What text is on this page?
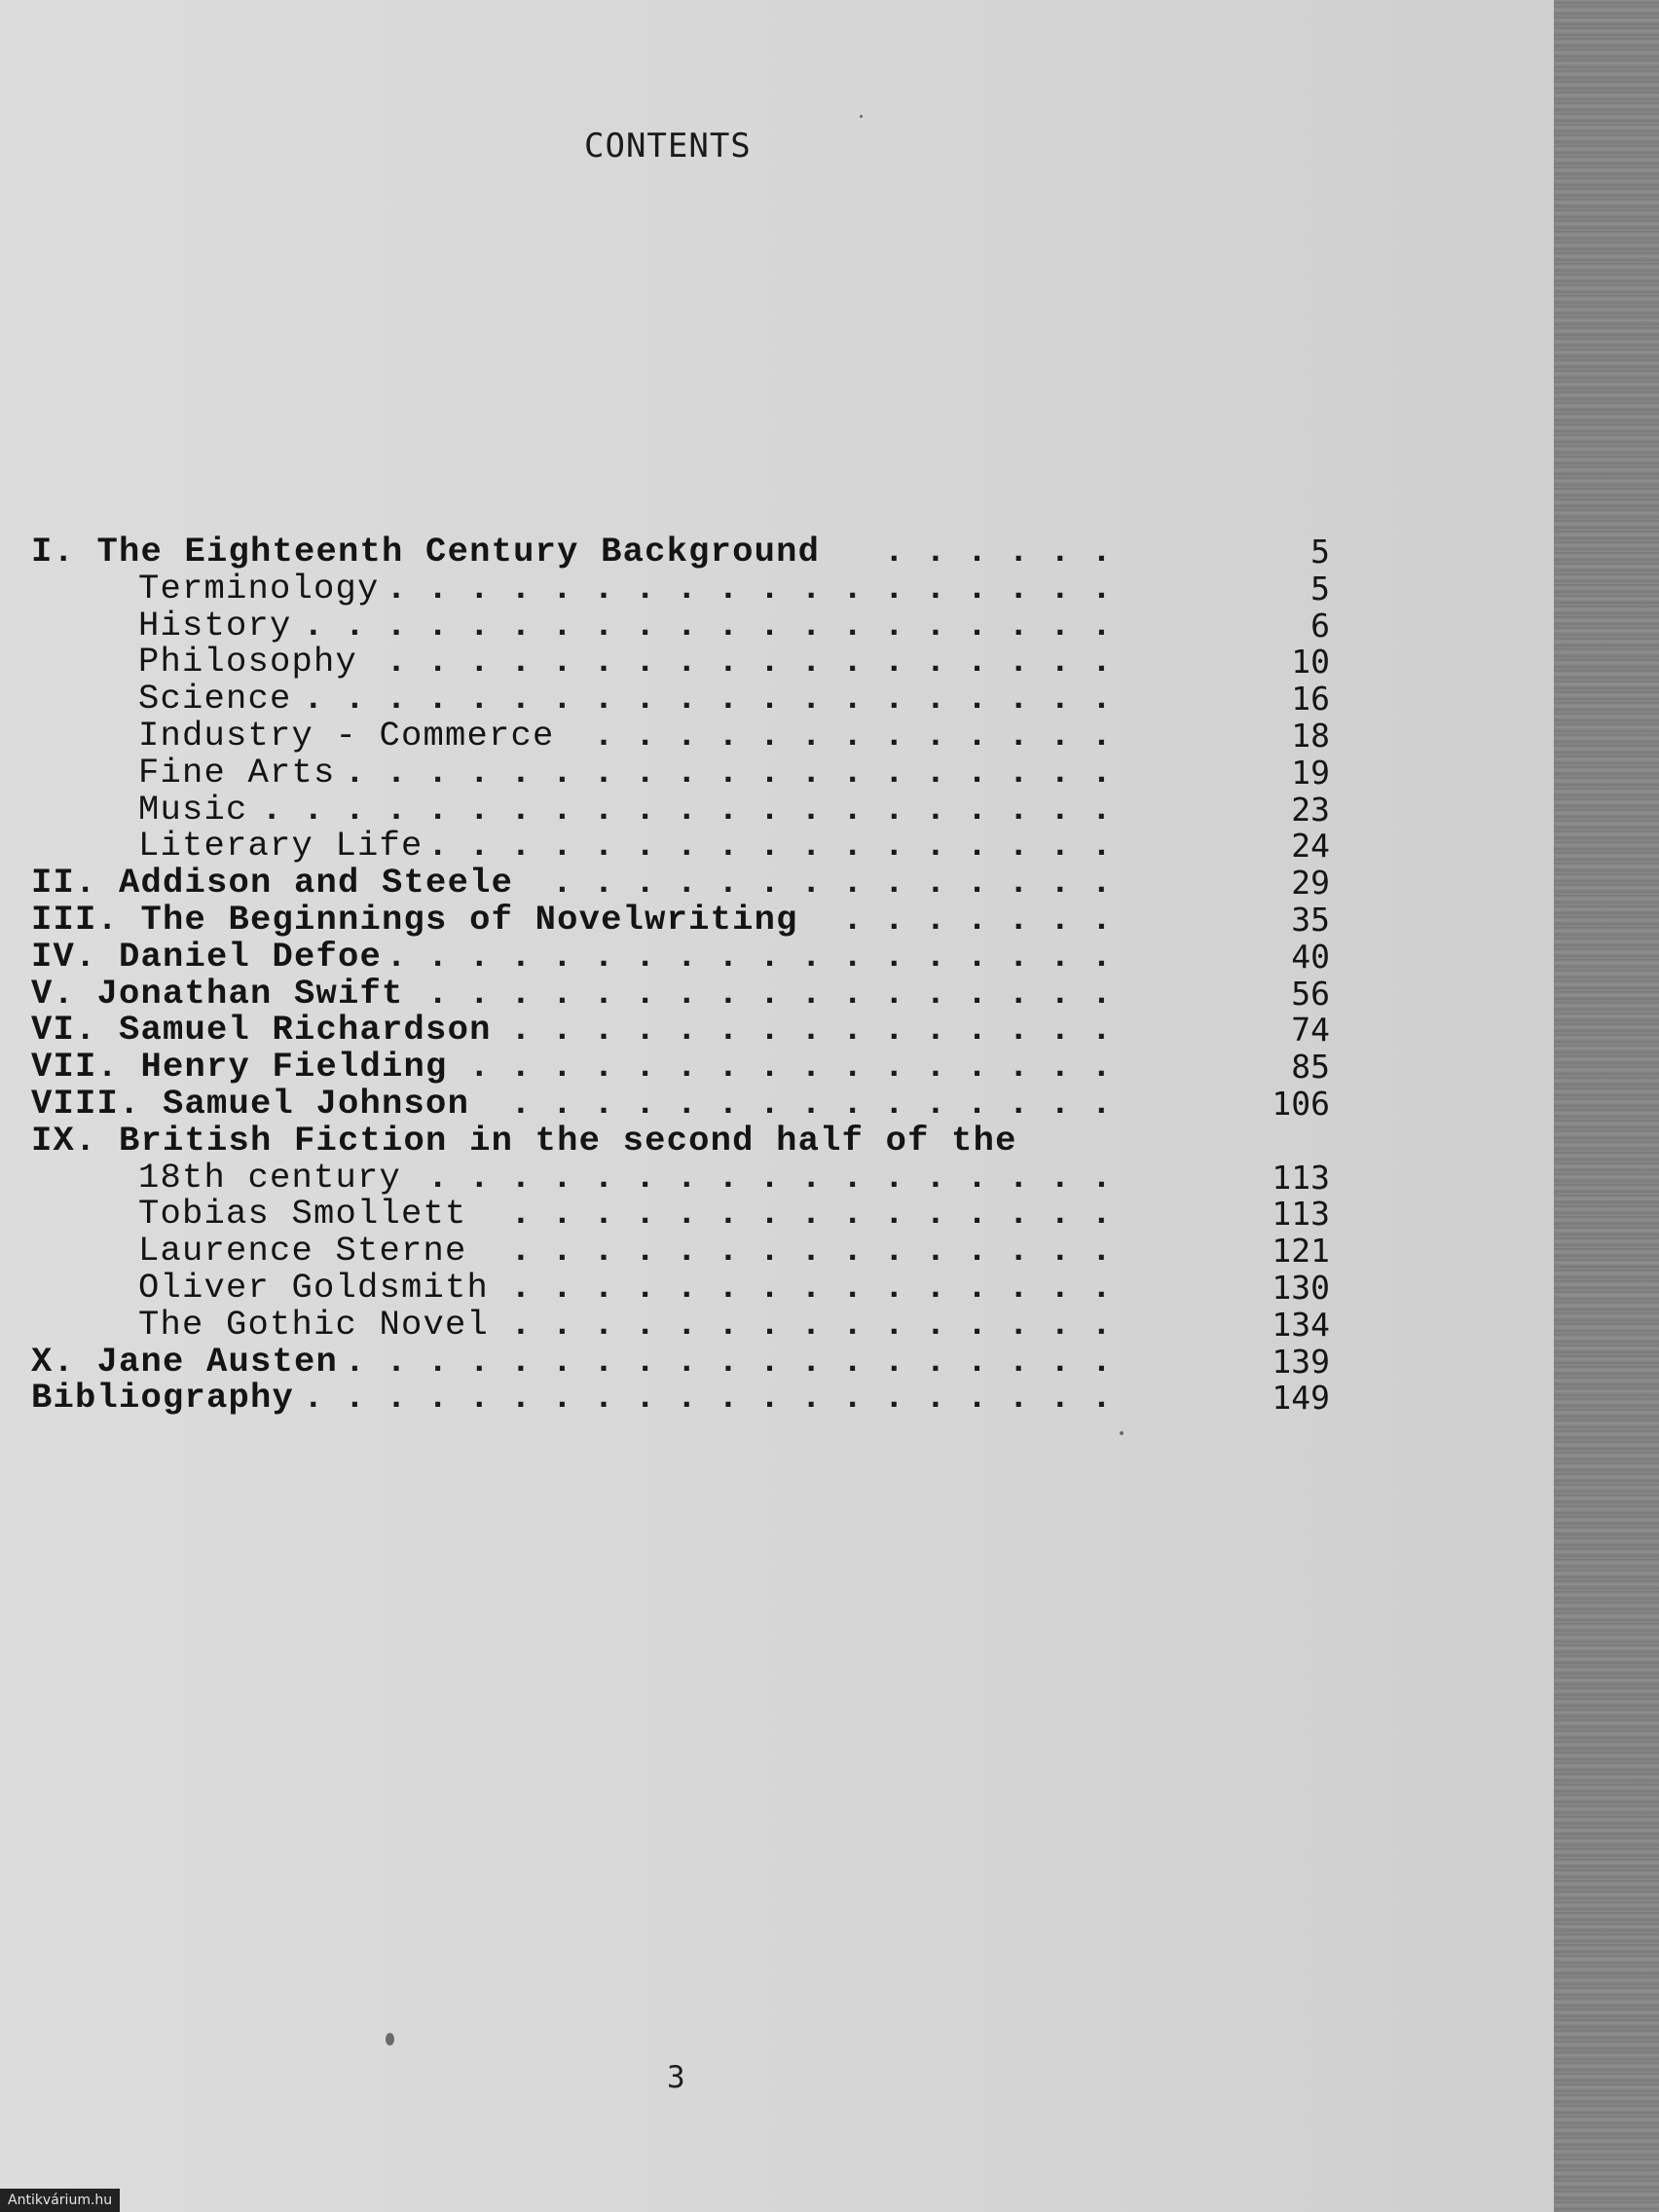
CONTENTS
I. The Eighteenth Century Background . . . . . .	5
Terminology . . . . . . . . . . . . . . . . . .	5
History . . . . . . . . . . . . . . . . . . . .	6
Philosophy . . . . . . . . . . . . . . . . . .	10
Science . . . . . . . . . . . . . . . . . . . .	16
Industry - Commerce . . . . . . . . . . . . .	18
Fine Arts . . . . . . . . . . . . . . . . . . .	19
Music . . . . . . . . . . . . . . . . . . . . .	23
Literary Life . . . . . . . . . . . . . . . . .	24
II. Addison and Steele . . . . . . . . . . . . . .	29
III. The Beginnings of Novelwriting . . . . . . .	35
IV. Daniel Defoe . . . . . . . . . . . . . . . . . .	40
V. Jonathan Swift . . . . . . . . . . . . . . . . .	56
VI. Samuel Richardson . . . . . . . . . . . . . . .	74
VII. Henry Fielding . . . . . . . . . . . . . . . .	85
VIII. Samuel Johnson . . . . . . . . . . . . . . .	106
IX. British Fiction in the second half of the
18th century . . . . . . . . . . . . . . . . .	113
Tobias Smollett . . . . . . . . . . . . . . .	113
Laurence Sterne . . . . . . . . . . . . . . .	121
Oliver Goldsmith . . . . . . . . . . . . . . .	130
The Gothic Novel . . . . . . . . . . . . . . .	134
X. Jane Austen . . . . . . . . . . . . . . . . . . .	139
Bibliography . . . . . . . . . . . . . . . . . . . .	149
3
Antikvárium.hu
